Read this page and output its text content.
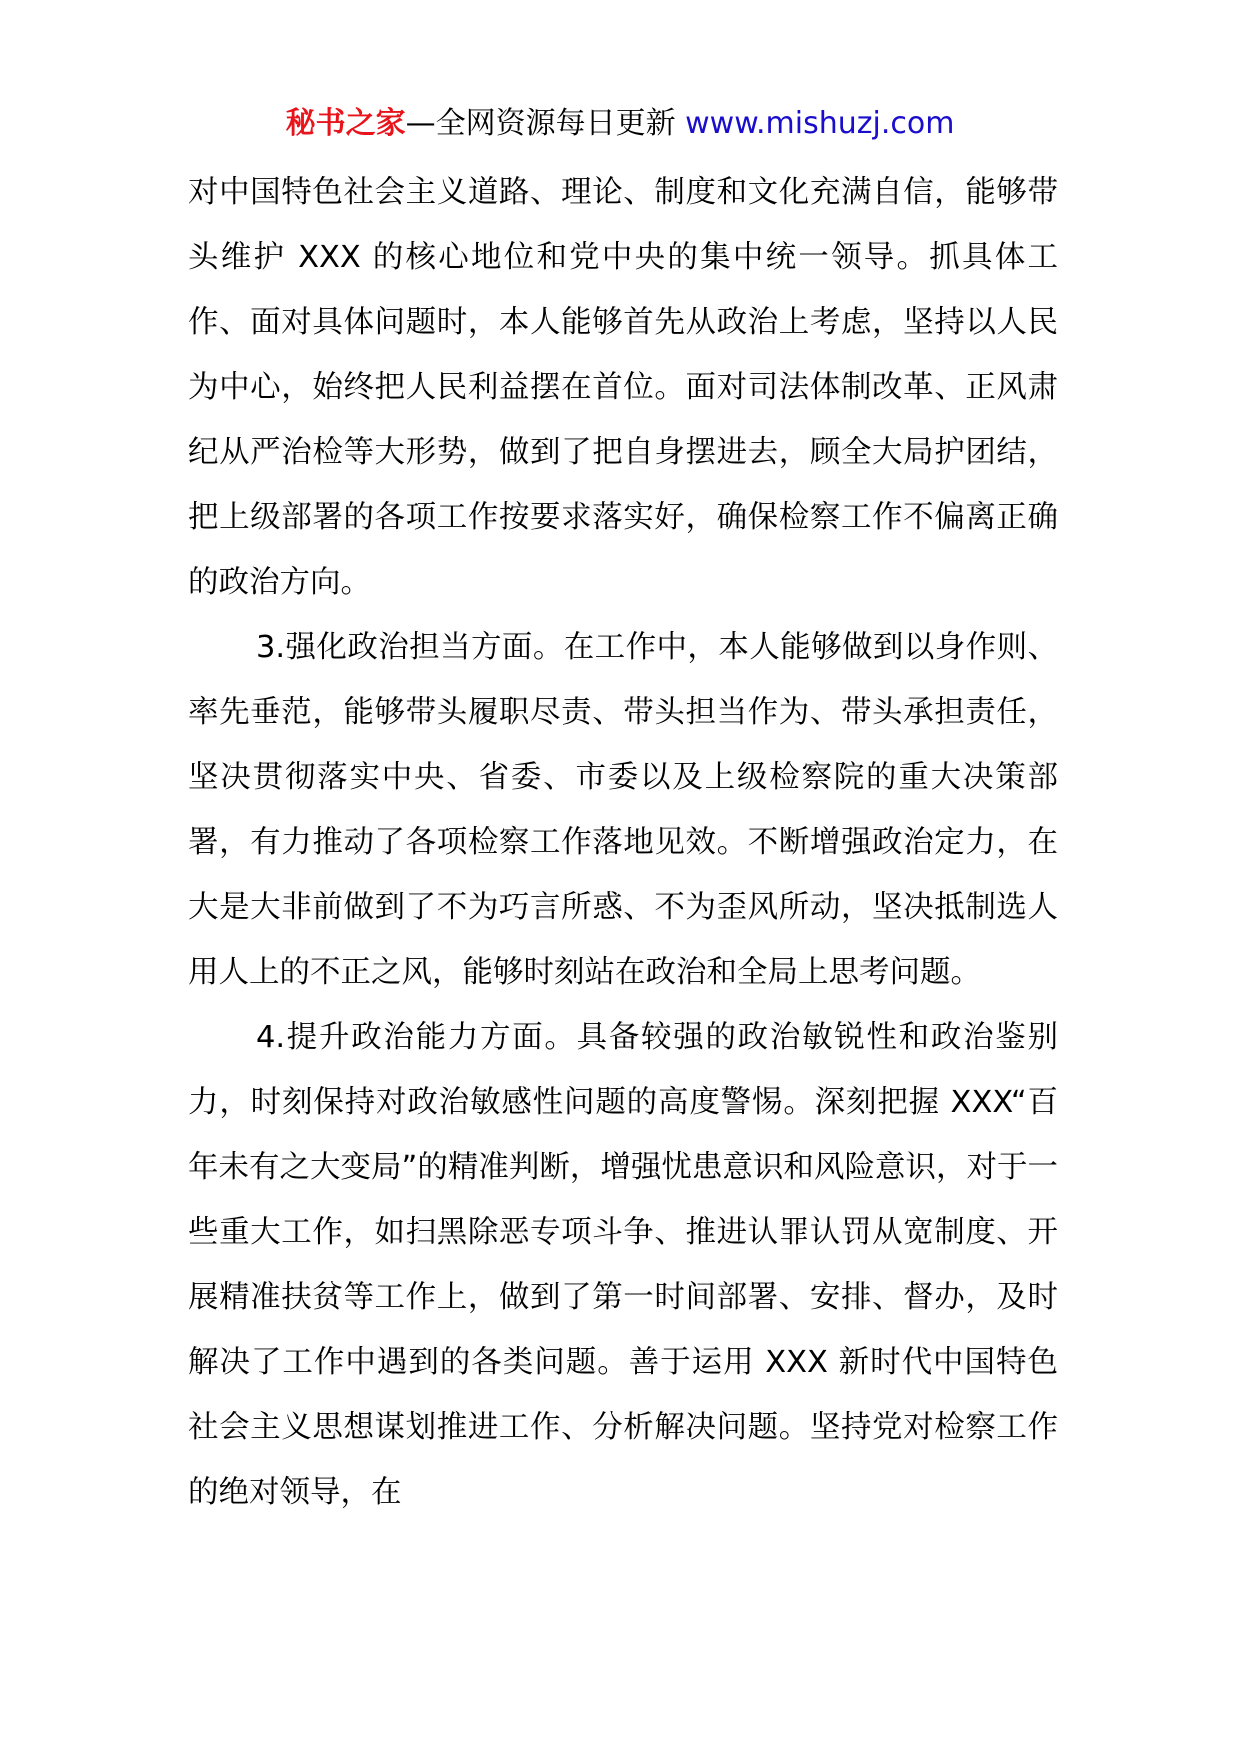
秘书之家—全网资源每日更新 www.mishuzj.com

对中国特色社会主义道路、理论、制度和文化充满自信，能够带头维护 XXX 的核心地位和党中央的集中统一领导。抓具体工作、面对具体问题时，本人能够首先从政治上考虑，坚持以人民为中心，始终把人民利益摆在首位。面对司法体制改革、正风肃纪从严治检等大形势，做到了把自身摆进去，顾全大局护团结，把上级部署的各项工作按要求落实好，确保检察工作不偏离正确的政治方向。

3.强化政治担当方面。在工作中，本人能够做到以身作则、率先垂范，能够带头履职尽责、带头担当作为、带头承担责任，坚决贯彻落实中央、省委、市委以及上级检察院的重大决策部署，有力推动了各项检察工作落地见效。不断增强政治定力，在大是大非前做到了不为巧言所惑、不为歪风所动，坚决抵制选人用人上的不正之风，能够时刻站在政治和全局上思考问题。

4.提升政治能力方面。具备较强的政治敏锐性和政治鉴别力，时刻保持对政治敏感性问题的高度警惕。深刻把握 XXX“百年未有之大变局”的精准判断，增强忧患意识和风险意识，对于一些重大工作，如扫黑除恶专项斗争、推进认罪认罚从宽制度、开展精准扶贫等工作上，做到了第一时间部署、安排、督办，及时解决了工作中遇到的各类问题。善于运用 XXX 新时代中国特色社会主义思想谋划推进工作、分析解决问题。坚持党对检察工作的绝对领导，在
